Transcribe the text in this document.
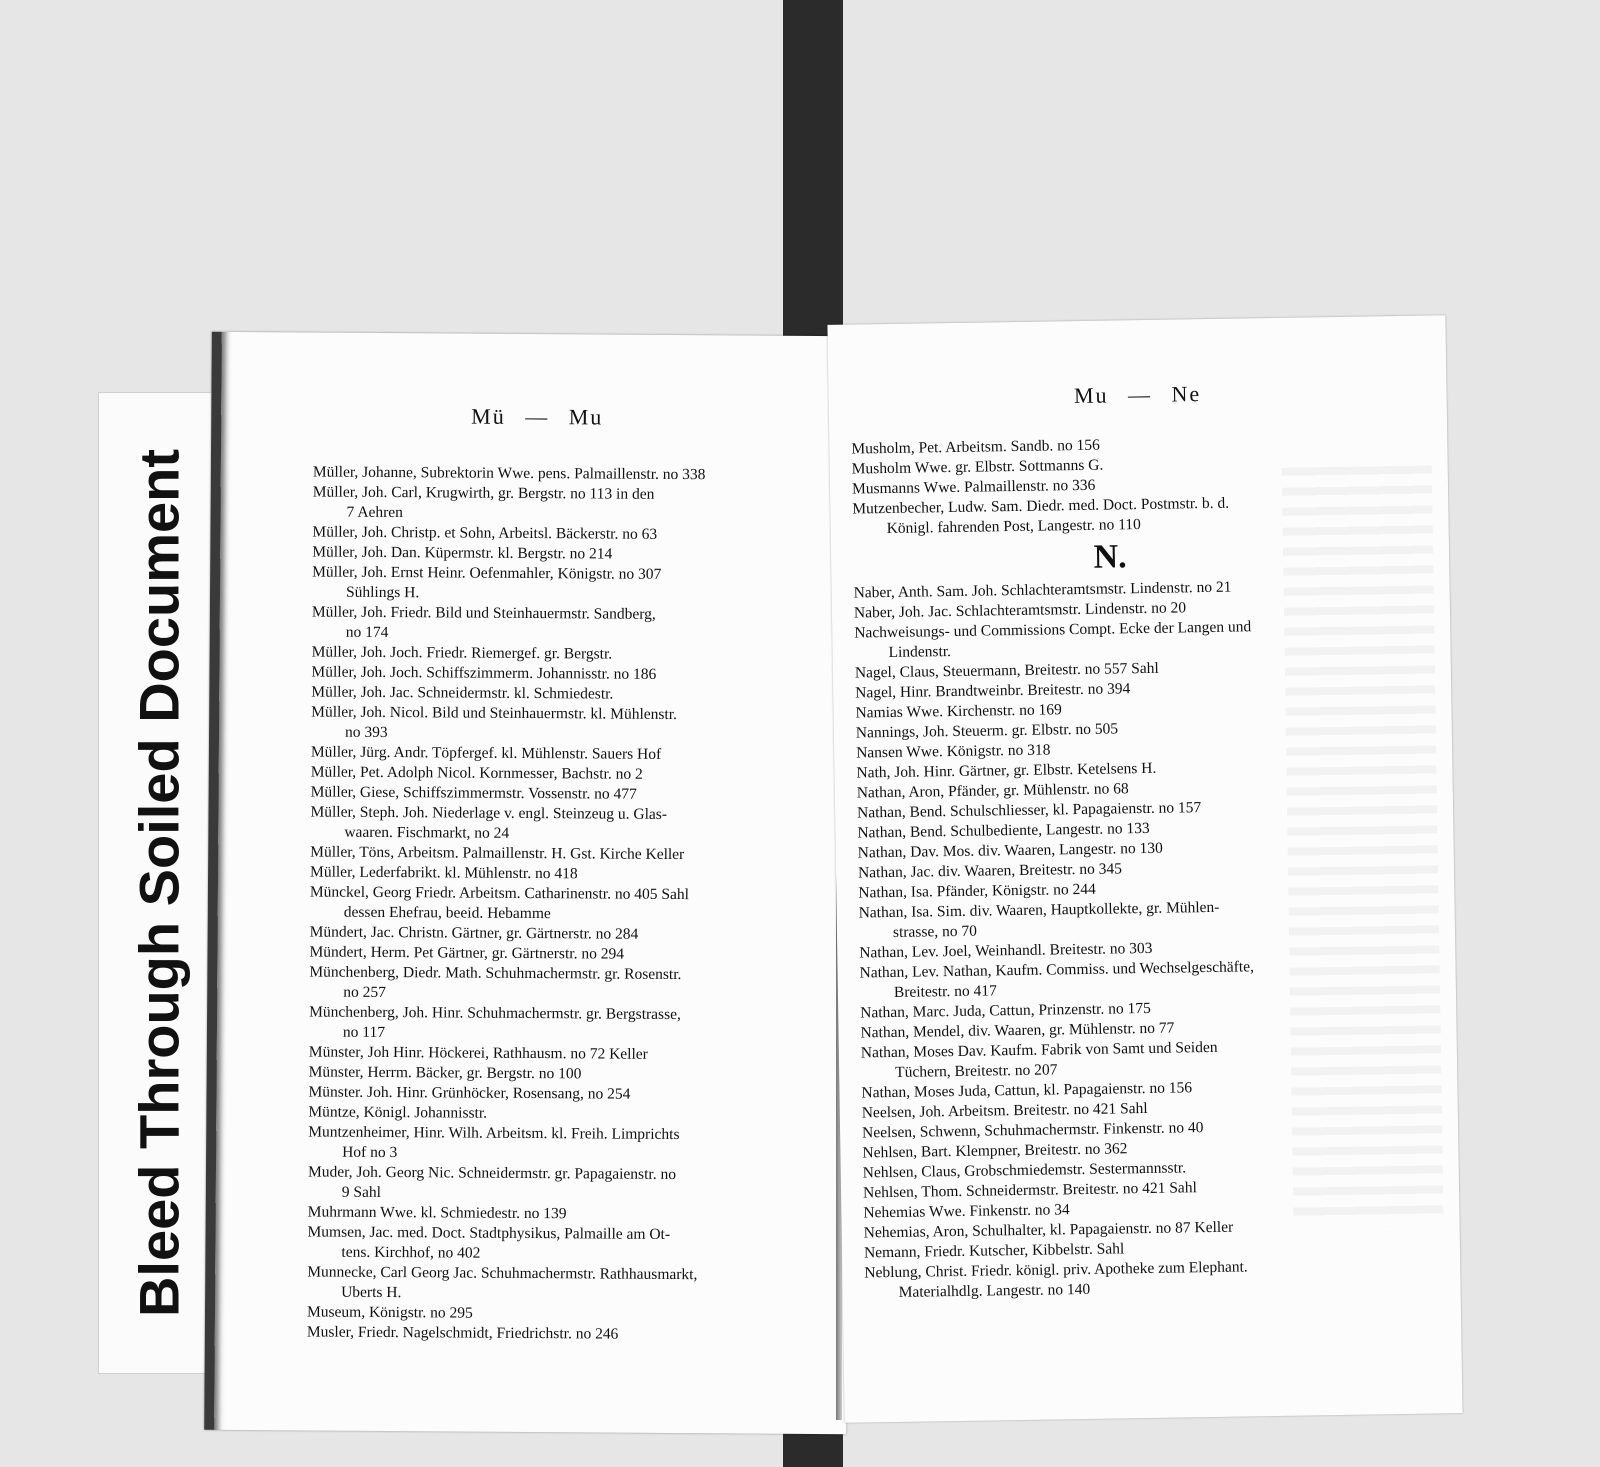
Bleed Through Soiled Document
Mü — Mu

Müller, Johanne, Subrektorin Wwe. pens. Palmaillenstr. no 338

Müller, Joh. Carl, Krugwirth, gr. Bergstr. no 113 in den
7 Aehren

Müller, Joh. Christp. et Sohn, Arbeitsl. Bäckerstr. no 63

Müller, Joh. Dan. Küpermstr. kl. Bergstr. no 214

Müller, Joh. Ernst Heinr. Oefenmahler, Königstr. no 307
Sühlings H.

Müller, Joh. Friedr. Bild und Steinhauermstr. Sandberg,
no 174

Müller, Joh. Joch. Friedr. Riemergef. gr. Bergstr.

Müller, Joh. Joch. Schiffszimmerm. Johannisstr. no 186

Müller, Joh. Jac. Schneidermstr. kl. Schmiedestr.

Müller, Joh. Nicol. Bild und Steinhauermstr. kl. Mühlenstr.
no 393

Müller, Jürg. Andr. Töpfergef. kl. Mühlenstr. Sauers Hof

Müller, Pet. Adolph Nicol. Kornmesser, Bachstr. no 2

Müller, Giese, Schiffszimmermstr. Vossenstr. no 477

Müller, Steph. Joh. Niederlage v. engl. Steinzeug u. Glas-
waaren. Fischmarkt, no 24

Müller, Töns, Arbeitsm. Palmaillenstr. H. Gst. Kirche Keller

Müller, Lederfabrikt. kl. Mühlenstr. no 418

Münckel, Georg Friedr. Arbeitsm. Catharinenstr. no 405 Sahl
dessen Ehefrau, beeid. Hebamme

Mündert, Jac. Christn. Gärtner, gr. Gärtnerstr. no 284

Mündert, Herm. Pet Gärtner, gr. Gärtnerstr. no 294

Münchenberg, Diedr. Math. Schuhmachermstr. gr. Rosenstr.
no 257

Münchenberg, Joh. Hinr. Schuhmachermstr. gr. Bergstrasse,
no 117

Münster, Joh Hinr. Höckerei, Rathhausm. no 72 Keller

Münster, Herrm. Bäcker, gr. Bergstr. no 100

Münster. Joh. Hinr. Grünhöcker, Rosensang, no 254

Müntze, Königl. Johannisstr.

Muntzenheimer, Hinr. Wilh. Arbeitsm. kl. Freih. Limprichts
Hof no 3

Muder, Joh. Georg Nic. Schneidermstr. gr. Papagaienstr. no
9 Sahl

Muhrmann Wwe. kl. Schmiedestr. no 139

Mumsen, Jac. med. Doct. Stadtphysikus, Palmaille am Ot-
tens. Kirchhof, no 402

Munnecke, Carl Georg Jac. Schuhmachermstr. Rathhausmarkt,
Uberts H.

Museum, Königstr. no 295

Musler, Friedr. Nagelschmidt, Friedrichstr. no 246

Mu — Ne

Musholm, Pet. Arbeitsm. Sandb. no 156

Musholm Wwe. gr. Elbstr. Sottmanns G.

Musmanns Wwe. Palmaillenstr. no 336

Mutzenbecher, Ludw. Sam. Diedr. med. Doct. Postmstr. b. d.
Königl. fahrenden Post, Langestr. no 110

N.

Naber, Anth. Sam. Joh. Schlachteramtsmstr. Lindenstr. no 21

Naber, Joh. Jac. Schlachteramtsmstr. Lindenstr. no 20

Nachweisungs- und Commissions Compt. Ecke der Langen und
Lindenstr.

Nagel, Claus, Steuermann, Breitestr. no 557 Sahl

Nagel, Hinr. Brandtweinbr. Breitestr. no 394

Namias Wwe. Kirchenstr. no 169

Nannings, Joh. Steuerm. gr. Elbstr. no 505

Nansen Wwe. Königstr. no 318

Nath, Joh. Hinr. Gärtner, gr. Elbstr. Ketelsens H.

Nathan, Aron, Pfänder, gr. Mühlenstr. no 68

Nathan, Bend. Schulschliesser, kl. Papagaienstr. no 157

Nathan, Bend. Schulbediente, Langestr. no 133

Nathan, Dav. Mos. div. Waaren, Langestr. no 130

Nathan, Jac. div. Waaren, Breitestr. no 345

Nathan, Isa. Pfänder, Königstr. no 244

Nathan, Isa. Sim. div. Waaren, Hauptkollekte, gr. Mühlen-
strasse, no 70

Nathan, Lev. Joel, Weinhandl. Breitestr. no 303

Nathan, Lev. Nathan, Kaufm. Commiss. und Wechselgeschäfte,
Breitestr. no 417

Nathan, Marc. Juda, Cattun, Prinzenstr. no 175

Nathan, Mendel, div. Waaren, gr. Mühlenstr. no 77

Nathan, Moses Dav. Kaufm. Fabrik von Samt und Seiden
Tüchern, Breitestr. no 207

Nathan, Moses Juda, Cattun, kl. Papagaienstr. no 156

Neelsen, Joh. Arbeitsm. Breitestr. no 421 Sahl

Neelsen, Schwenn, Schuhmachermstr. Finkenstr. no 40

Nehlsen, Bart. Klempner, Breitestr. no 362

Nehlsen, Claus, Grobschmiedemstr. Sestermannsstr.

Nehlsen, Thom. Schneidermstr. Breitestr. no 421 Sahl

Nehemias Wwe. Finkenstr. no 34

Nehemias, Aron, Schulhalter, kl. Papagaienstr. no 87 Keller

Nemann, Friedr. Kutscher, Kibbelstr. Sahl

Neblung, Christ. Friedr. königl. priv. Apotheke zum Elephant.
Materialhdlg. Langestr. no 140
